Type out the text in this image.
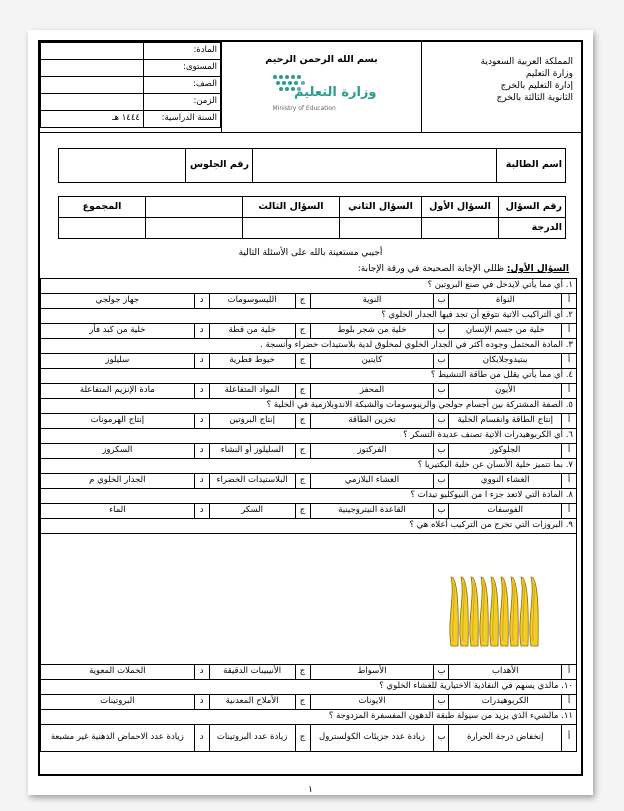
المملكة العربية السعودية
وزارة التعليم
إدارة التعليم بالخرج
الثانوية الثالثة بالخرج
بسم الله الرحمن الرحيم
وزارة التعليم
Ministry of Education
المادة:	
المستوى:	
الصف:	
الزمن:	
السنة الدراسية:	١٤٤٤ هـ
اسم الطالبة		رقم الجلوس	
رقم السؤال	السؤال الأول	السؤال الثاني	السؤال الثالث		المجموع
الدرجة					
أجيبي مستعينة بالله على الأسئلة التالية
السؤال الأول: ظللي الإجابة الصحيحة في ورقة الإجابة:
١. أي مما يأتي لايدخل في صنع البروتين ؟							
أ	النواة	ب	النوية	ج	الليسوسومات	د	جهاز جولجي
٢. أي التراكيب الاتية تتوقع أن تجد فيها الجدار الخلوي ؟							
أ	خلية من جسم الإنسان	ب	خلية من شجر بلوط	ج	خلية من قطة	د	خلية من كبد فأر
٣. المادة المحتمل وجوده أكثر في الجدار الخلوي لمخلوق لدية بلاستيدات خضراء وأنسجة .							
أ	ببتيدوجلايكان	ب	كايتين	ج	خيوط فطرية	د	سليلوز
٤. أي مما يأتي يقلل من طاقة التنشيط ؟							
أ	الأيون	ب	المحفز	ج	المواد المتفاعلة	د	مادة الإنزيم المتفاعلة
٥. الصفة المشتركة بين أجسام جولجي والريبوسومات والشبكة الاندوبلازمية في الخلية ؟							
أ	إنتاج الطاقة وانقسام الخلية	ب	تخزين الطاقة	ج	إنتاج البروتين	د	إنتاج الهرمونات
٦. أي الكربوهيدرات الاتية تصنف عديدة التسكر ؟							
أ	الجلوكوز	ب	الفركتوز	ج	السليلوز أو النشاء	د	السكروز
٧. بما تتميز خلية الأنسان عن خلية البكتيريا ؟							
أ	الغشاء النووي	ب	الغشاء البلازمي	ج	البلاستيدات الخضراء	د	الجدار الخلوي م
٨. المادة التي لاتعد جزء ا من النيوكليو تيدات ؟							
أ	الفوسفات	ب	القاعدة النيتروجينية	ج	السكر	د	الماء
٩. البروزات التي تخرج من التركيب أعلاه هي ؟							

أ	الأهداب	ب	الأسواط	ج	الأنيبيبات الدقيقة	د	الخملات المعوية
١٠. مالذي يسهم في النفاذية الاختيارية للغشاء الخلوي ؟							
أ	الكربوهيدرات	ب	الايونات	ج	الأملاح المعدنية	د	البروتينات
١١. مالشيء الذي يزيد من سيولة طبقة الدهون المفسفرة المزدوجة ؟							
أ	إنخفاض درجة الحرارة	ب	زيادة عدد جزيئات الكولسترول	ج	زيادة عدد البروتينات	د	زيادة عدد الاحماض الدهنية غير مشبعة
١
